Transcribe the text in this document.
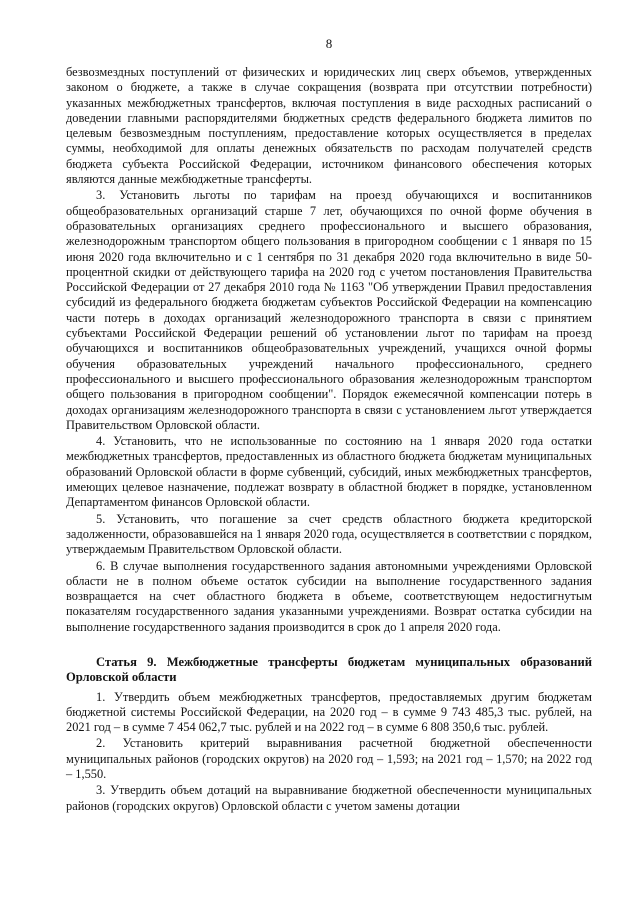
8

безвозмездных поступлений от физических и юридических лиц сверх объемов, утвержденных законом о бюджете, а также в случае сокращения (возврата при отсутствии потребности) указанных межбюджетных трансфертов, включая поступления в виде расходных расписаний о доведении главными распорядителями бюджетных средств федерального бюджета лимитов по целевым безвозмездным поступлениям, предоставление которых осуществляется в пределах суммы, необходимой для оплаты денежных обязательств по расходам получателей средств бюджета субъекта Российской Федерации, источником финансового обеспечения которых являются данные межбюджетные трансферты.

3. Установить льготы по тарифам на проезд обучающихся и воспитанников общеобразовательных организаций старше 7 лет, обучающихся по очной форме обучения в образовательных организациях среднего профессионального и высшего образования, железнодорожным транспортом общего пользования в пригородном сообщении с 1 января по 15 июня 2020 года включительно и с 1 сентября по 31 декабря 2020 года включительно в виде 50-процентной скидки от действующего тарифа на 2020 год с учетом постановления Правительства Российской Федерации от 27 декабря 2010 года № 1163 "Об утверждении Правил предоставления субсидий из федерального бюджета бюджетам субъектов Российской Федерации на компенсацию части потерь в доходах организаций железнодорожного транспорта в связи с принятием субъектами Российской Федерации решений об установлении льгот по тарифам на проезд обучающихся и воспитанников общеобразовательных учреждений, учащихся очной формы обучения образовательных учреждений начального профессионального, среднего профессионального и высшего профессионального образования железнодорожным транспортом общего пользования в пригородном сообщении". Порядок ежемесячной компенсации потерь в доходах организациям железнодорожного транспорта в связи с установлением льгот утверждается Правительством Орловской области.

4. Установить, что не использованные по состоянию на 1 января 2020 года остатки межбюджетных трансфертов, предоставленных из областного бюджета бюджетам муниципальных образований Орловской области в форме субвенций, субсидий, иных межбюджетных трансфертов, имеющих целевое назначение, подлежат возврату в областной бюджет в порядке, установленном Департаментом финансов Орловской области.

5. Установить, что погашение за счет средств областного бюджета кредиторской задолженности, образовавшейся на 1 января 2020 года, осуществляется в соответствии с порядком, утверждаемым Правительством Орловской области.

6. В случае выполнения государственного задания автономными учреждениями Орловской области не в полном объеме остаток субсидии на выполнение государственного задания возвращается на счет областного бюджета в объеме, соответствующем недостигнутым показателям государственного задания указанными учреждениями. Возврат остатка субсидии на выполнение государственного задания производится в срок до 1 апреля 2020 года.

Статья 9. Межбюджетные трансферты бюджетам муниципальных образований Орловской области

1. Утвердить объем межбюджетных трансфертов, предоставляемых другим бюджетам бюджетной системы Российской Федерации, на 2020 год – в сумме 9 743 485,3 тыс. рублей, на 2021 год – в сумме 7 454 062,7 тыс. рублей и на 2022 год – в сумме 6 808 350,6 тыс. рублей.

2. Установить критерий выравнивания расчетной бюджетной обеспеченности муниципальных районов (городских округов) на 2020 год – 1,593; на 2021 год – 1,570; на 2022 год – 1,550.

3. Утвердить объем дотаций на выравнивание бюджетной обеспеченности муниципальных районов (городских округов) Орловской области с учетом замены дотации
